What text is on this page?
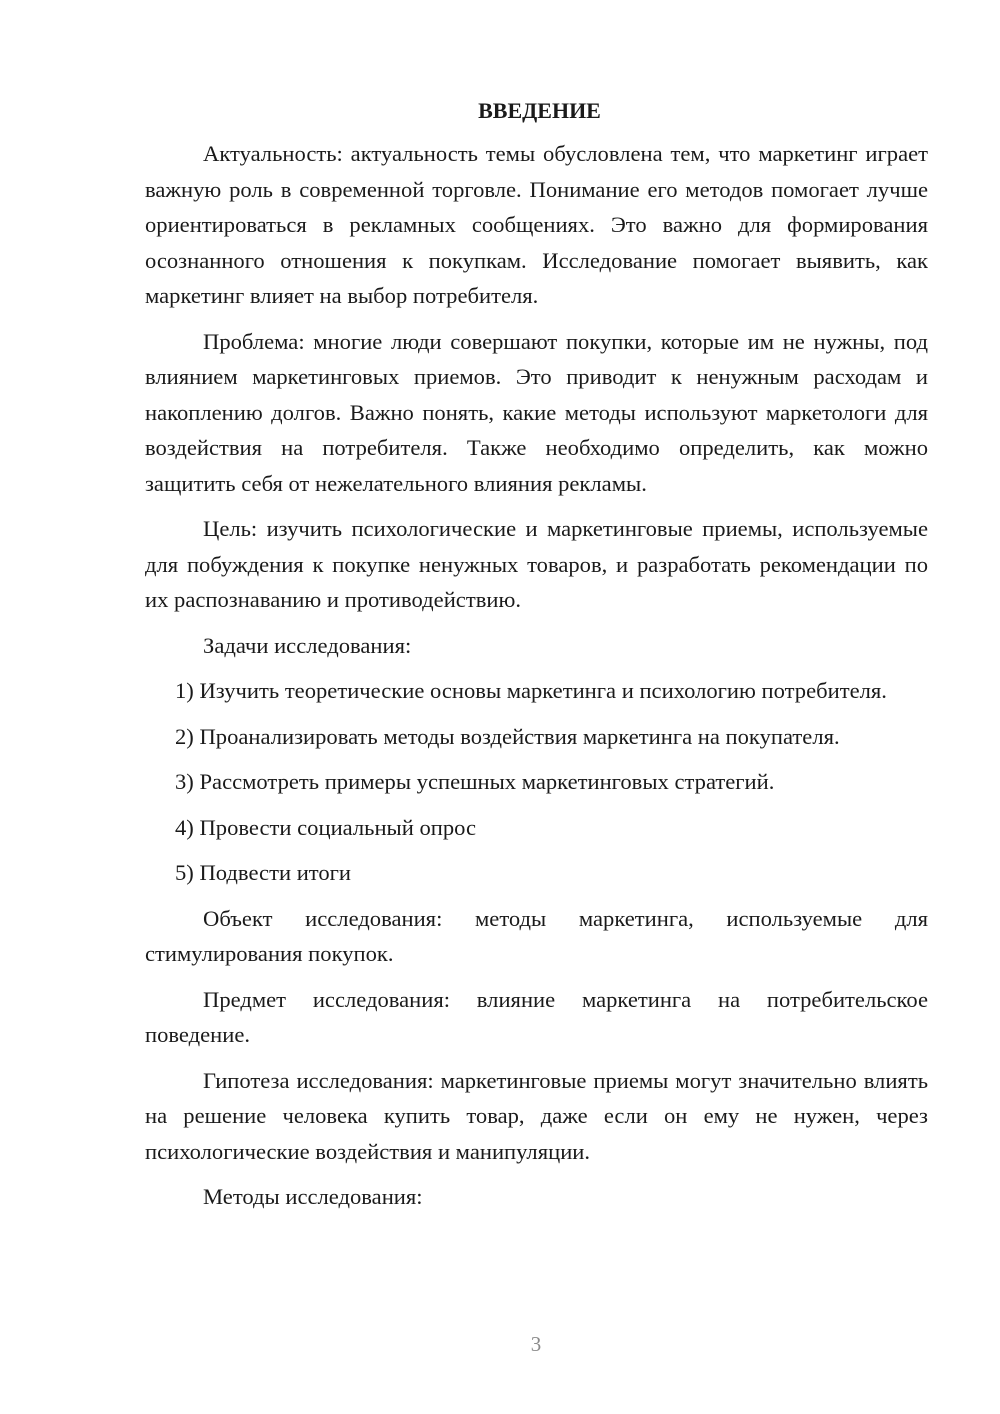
ВВЕДЕНИЕ

Актуальность: актуальность темы обусловлена тем, что маркетинг играет важную роль в современной торговле. Понимание его методов помогает лучше ориентироваться в рекламных сообщениях. Это важно для формирования осознанного отношения к покупкам. Исследование помогает выявить, как маркетинг влияет на выбор потребителя.

Проблема: многие люди совершают покупки, которые им не нужны, под влиянием маркетинговых приемов. Это приводит к ненужным расходам и накоплению долгов. Важно понять, какие методы используют маркетологи для воздействия на потребителя. Также необходимо определить, как можно защитить себя от нежелательного влияния рекламы.

Цель: изучить психологические и маркетинговые приемы, используемые для побуждения к покупке ненужных товаров, и разработать рекомендации по их распознаванию и противодействию.

Задачи исследования:

1) Изучить теоретические основы маркетинга и психологию потребителя.

2) Проанализировать методы воздействия маркетинга на покупателя.

3) Рассмотреть примеры успешных маркетинговых стратегий.

4) Провести социальный опрос

5) Подвести итоги

Объект исследования: методы маркетинга, используемые для стимулирования покупок.

Предмет исследования: влияние маркетинга на потребительское поведение.

Гипотеза исследования: маркетинговые приемы могут значительно влиять на решение человека купить товар, даже если он ему не нужен, через психологические воздействия и манипуляции.

Методы исследования:

3
